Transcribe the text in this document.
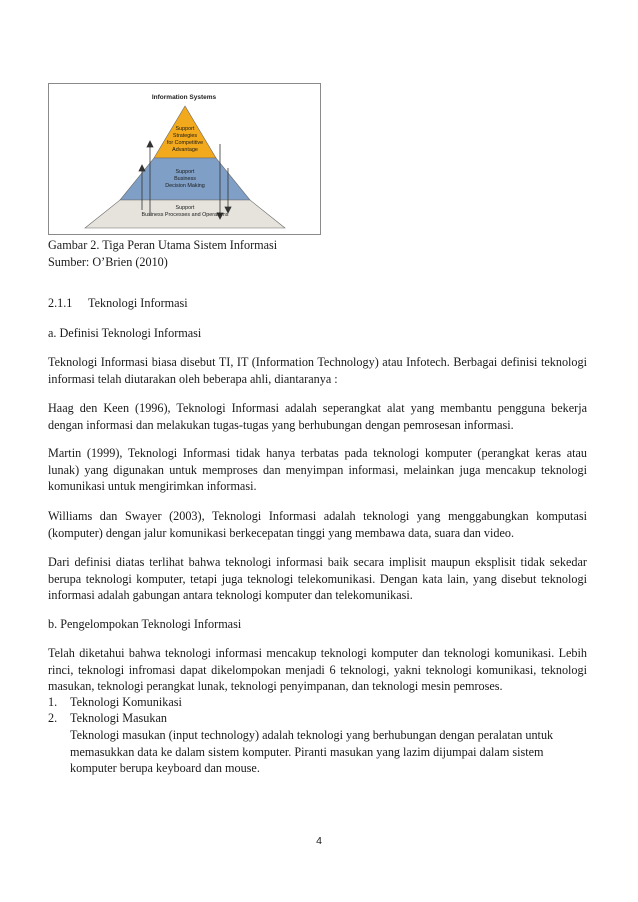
Information Systems
Support
Strategies
for Competitive
Advantage
Support
Business
Decision Making
Support
Business Processes and Operations
Gambar 2. Tiga Peran Utama Sistem Informasi
Sumber: O’Brien (2010)
2.1.1 Teknologi Informasi
a. Definisi Teknologi Informasi
Teknologi Informasi biasa disebut TI, IT (Information Technology) atau Infotech. Berbagai definisi teknologi informasi telah diutarakan oleh beberapa ahli, diantaranya :
Haag den Keen (1996), Teknologi Informasi adalah seperangkat alat yang membantu pengguna bekerja dengan informasi dan melakukan tugas-tugas yang berhubungan dengan pemrosesan informasi.
Martin (1999), Teknologi Informasi tidak hanya terbatas pada teknologi komputer (perangkat keras atau lunak) yang digunakan untuk memproses dan menyimpan informasi, melainkan juga mencakup teknologi komunikasi untuk mengirimkan informasi.
Williams dan Swayer (2003), Teknologi Informasi adalah teknologi yang menggabungkan komputasi (komputer) dengan jalur komunikasi berkecepatan tinggi yang membawa data, suara dan video.
Dari definisi diatas terlihat bahwa teknologi informasi baik secara implisit maupun eksplisit tidak sekedar berupa teknologi komputer, tetapi juga teknologi telekomunikasi. Dengan kata lain, yang disebut teknologi informasi adalah gabungan antara teknologi komputer dan telekomunikasi.
b. Pengelompokan Teknologi Informasi
Telah diketahui bahwa teknologi informasi mencakup teknologi komputer dan teknologi komunikasi. Lebih rinci, teknologi infromasi dapat dikelompokan menjadi 6 teknologi, yakni teknologi komunikasi, teknologi masukan, teknologi perangkat lunak, teknologi penyimpanan, dan teknologi mesin pemroses.
1. Teknologi Komunikasi
2. Teknologi Masukan
Teknologi masukan (input technology) adalah teknologi yang berhubungan dengan peralatan untuk memasukkan data ke dalam sistem komputer. Piranti masukan yang lazim dijumpai dalam sistem komputer berupa keyboard dan mouse.
4
